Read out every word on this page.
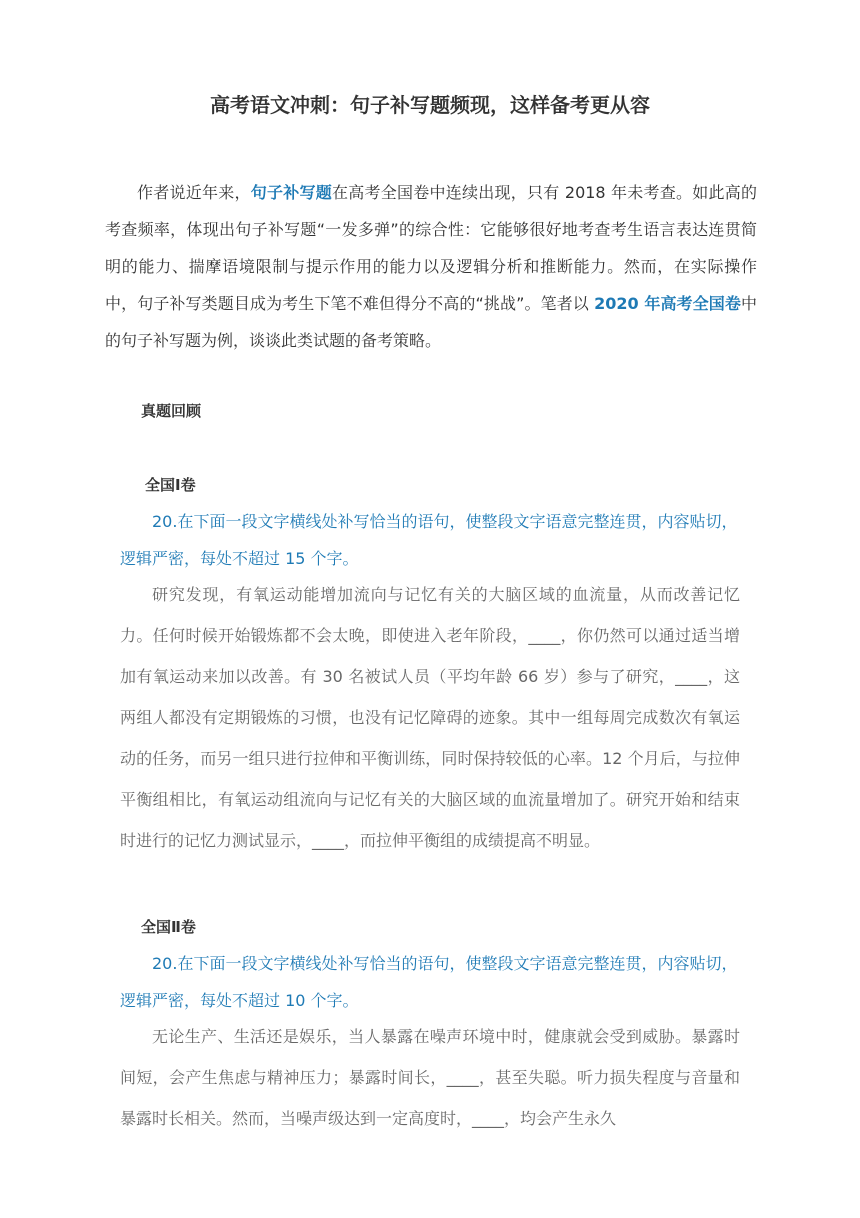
高考语文冲刺：句子补写题频现，这样备考更从容

作者说近年来，句子补写题在高考全国卷中连续出现，只有 2018 年未考查。如此高的考查频率，体现出句子补写题“一发多弹”的综合性：它能够很好地考查考生语言表达连贯简明的能力、揣摩语境限制与提示作用的能力以及逻辑分析和推断能力。然而，在实际操作中，句子补写类题目成为考生下笔不难但得分不高的“挑战”。笔者以 2020 年高考全国卷中的句子补写题为例，谈谈此类试题的备考策略。

真题回顾
全国Ⅰ卷

20.在下面一段文字横线处补写恰当的语句，使整段文字语意完整连贯，内容贴切，逻辑严密，每处不超过 15 个字。

研究发现，有氧运动能增加流向与记忆有关的大脑区域的血流量，从而改善记忆力。任何时候开始锻炼都不会太晚，即使进入老年阶段，____，你仍然可以通过适当增加有氧运动来加以改善。有 30 名被试人员（平均年龄 66 岁）参与了研究，____，这两组人都没有定期锻炼的习惯，也没有记忆障碍的迹象。其中一组每周完成数次有氧运动的任务，而另一组只进行拉伸和平衡训练，同时保持较低的心率。12 个月后，与拉伸平衡组相比，有氧运动组流向与记忆有关的大脑区域的血流量增加了。研究开始和结束时进行的记忆力测试显示，____，而拉伸平衡组的成绩提高不明显。

全国Ⅱ卷

20.在下面一段文字横线处补写恰当的语句，使整段文字语意完整连贯，内容贴切，逻辑严密，每处不超过 10 个字。

无论生产、生活还是娱乐，当人暴露在噪声环境中时，健康就会受到威胁。暴露时间短，会产生焦虑与精神压力；暴露时间长，____，甚至失聪。听力损失程度与音量和暴露时长相关。然而，当噪声级达到一定高度时，____，均会产生永久
